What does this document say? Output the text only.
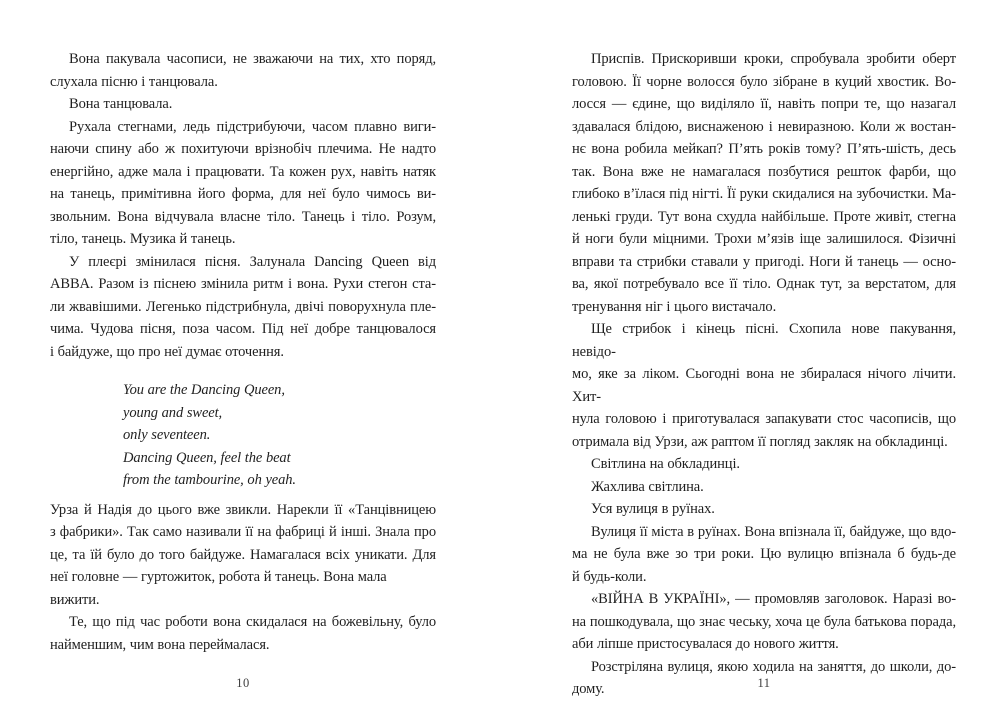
Вона пакувала часописи, не зважаючи на тих, хто поряд,
слухала пісню і танцювала.
Вона танцювала.
Рухала стегнами, ледь підстрибуючи, часом плавно виги-
наючи спину або ж похитуючи врізнобіч плечима. Не надто
енергійно, адже мала і працювати. Та кожен рух, навіть натяк
на танець, примітивна його форма, для неї було чимось ви-
звольним. Вона відчувала власне тіло. Танець і тіло. Розум,
тіло, танець. Музика й танець.
У плеєрі змінилася пісня. Залунала Dancing Queen від
ABBA. Разом із піснею змінила ритм і вона. Рухи стегон ста-
ли жвавішими. Легенько підстрибнула, двічі поворухнула пле-
чима. Чудова пісня, поза часом. Під неї добре танцювалося
і байдуже, що про неї думає оточення.
You are the Dancing Queen,
young and sweet,
only seventeen.
Dancing Queen, feel the beat
from the tambourine, oh yeah.
Урза й Надія до цього вже звикли. Нарекли її «Танцівницею
з фабрики». Так само називали її на фабриці й інші. Знала про
це, та їй було до того байдуже. Намагалася всіх уникати. Для
неї головне — гуртожиток, робота й танець. Вона мала вижити.
Те, що під час роботи вона скидалася на божевільну, було
найменшим, чим вона переймалася.
10
Приспів. Прискоривши кроки, спробувала зробити оберт
головою. Її чорне волосся було зібране в куций хвостик. Во-
лосся — єдине, що виділяло її, навіть попри те, що назагал
здавалася блідою, виснаженою і невиразною. Коли ж востан-
нє вона робила мейкап? П’ять років тому? П’ять-шість, десь
так. Вона вже не намагалася позбутися решток фарби, що
глибоко в’їлася під нігті. Її руки скидалися на зубочистки. Ма-
ленькі груди. Тут вона схудла найбільше. Проте живіт, стегна
й ноги були міцними. Трохи м’язів іще залишилося. Фізичні
вправи та стрибки ставали у пригоді. Ноги й танець — осно-
ва, якої потребувало все її тіло. Однак тут, за верстатом, для
тренування ніг і цього вистачало.
Ще стрибок і кінець пісні. Схопила нове пакування, невідо-
мо, яке за ліком. Сьогодні вона не збиралася нічого лічити. Хит-
нула головою і приготувалася запакувати стос часописів, що
отримала від Урзи, аж раптом її погляд закляк на обкладинці.
Світлина на обкладинці.
Жахлива світлина.
Уся вулиця в руїнах.
Вулиця її міста в руїнах. Вона впізнала її, байдуже, що вдо-
ма не була вже зо три роки. Цю вулицю впізнала б будь-де
й будь-коли.
«ВІЙНА В УКРАЇНІ», — промовляв заголовок. Наразі во-
на пошкодувала, що знає чеську, хоча це була батькова порада,
аби ліпше пристосувалася до нового життя.
Розстріляна вулиця, якою ходила на заняття, до школи, до-
дому.	11
